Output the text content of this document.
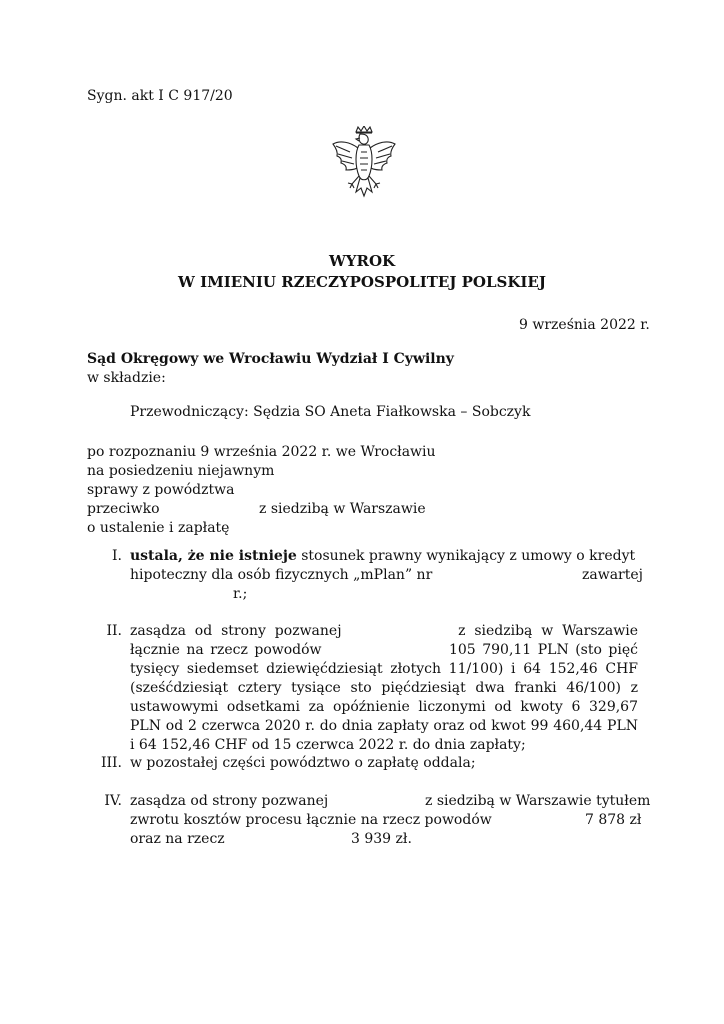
Sygn. akt I C 917/20
WYROK
W IMIENIU RZECZYPOSPOLITEJ POLSKIEJ
9 września 2022 r.
Sąd Okręgowy we Wrocławiu Wydział I Cywilny
w składzie:
Przewodniczący: Sędzia SO Aneta Fiałkowska – Sobczyk
po rozpoznaniu 9 września 2022 r. we Wrocławiu
na posiedzeniu niejawnym
sprawy z powództwa
przeciwko	z siedzibą w Warszawie
o ustalenie i zapłatę
I. ustala, że nie istnieje stosunek prawny wynikający z umowy o kredyt
hipoteczny dla osób fizycznych „mPlan” nr	zawartej
r.;
II. zasądza od strony pozwanej	z siedzibą w Warszawie łącznie na rzecz powodów	105 790,11 PLN (sto pięć tysięcy siedemset dziewięćdziesiąt złotych 11/100) i 64 152,46 CHF (sześćdziesiąt cztery tysiące sto pięćdziesiąt dwa franki 46/100) z ustawowymi odsetkami za opóźnienie liczonymi od kwoty 6 329,67 PLN od 2 czerwca 2020 r. do dnia zapłaty oraz od kwot 99 460,44 PLN i 64 152,46 CHF od 15 czerwca 2022 r. do dnia zapłaty;
III. w pozostałej części powództwo o zapłatę oddala;
IV. zasądza od strony pozwanej	z siedzibą w Warszawie tytułem
zwrotu kosztów procesu łącznie na rzecz powodów	7 878 zł
oraz na rzecz	3 939 zł.
